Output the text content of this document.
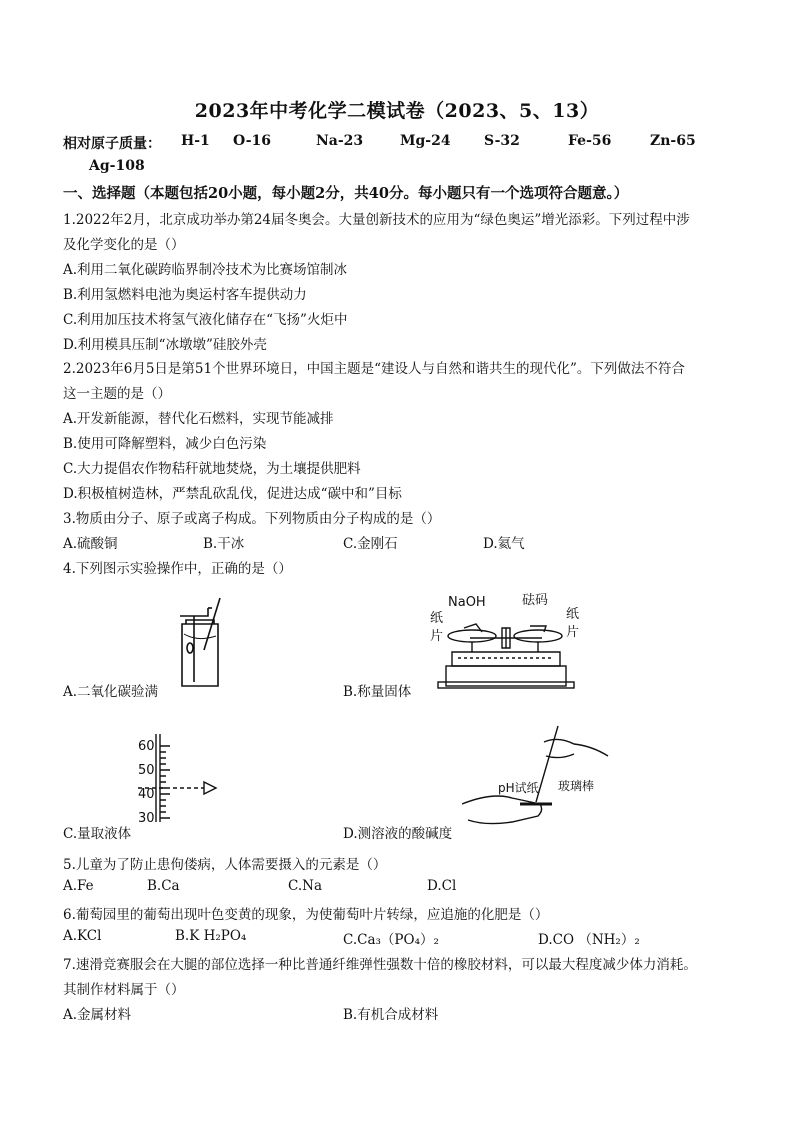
2023年中考化学二模试卷（2023、5、13）
相对原子质量： H-1 O-16	Na-23	Mg-24 S-32	Fe-56	Zn-65
Ag-108
一、选择题（本题包括20小题，每小题2分，共40分。每小题只有一个选项符合题意。）
1.2022年2月，北京成功举办第24届冬奥会。大量创新技术的应用为“绿色奥运”增光添彩。下列过程中涉
及化学变化的是（）
A.利用二氧化碳跨临界制冷技术为比赛场馆制冰
B.利用氢燃料电池为奥运村客车提供动力
C.利用加压技术将氢气液化储存在“飞扬”火炬中
D.利用模具压制“冰墩墩”硅胶外壳
2.2023年6月5日是第51个世界环境日，中国主题是“建设人与自然和谐共生的现代化”。下列做法不符合
这一主题的是（）
A.开发新能源，替代化石燃料，实现节能减排
B.使用可降解塑料，减少白色污染
C.大力提倡农作物秸秆就地焚烧，为土壤提供肥料
D.积极植树造林，严禁乱砍乱伐，促进达成“碳中和”目标
3.物质由分子、原子或离子构成。下列物质由分子构成的是（）
A.硫酸铜	B.干冰	C.金刚石	D.氦气
4.下列图示实验操作中，正确的是（）
A.二氧化碳验满
NaOH	砝码
纸
片
纸
片
B.称量固体
60
50
40
30
C.量取液体
pH试纸 玻璃棒
D.测溶液的酸碱度
5.儿童为了防止患佝偻病，人体需要摄入的元素是（）
A.Fe	B.Ca	C.Na	D.Cl
6.葡萄园里的葡萄出现叶色变黄的现象，为使葡萄叶片转绿，应追施的化肥是（）
A.KCl	B.K H₂PO₄	C.Ca₃（PO₄）₂	D.CO （NH₂）₂
7.速滑竞赛服会在大腿的部位选择一种比普通纤维弹性强数十倍的橡胶材料，可以最大程度减少体力消耗。
其制作材料属于（）
A.金属材料	B.有机合成材料
